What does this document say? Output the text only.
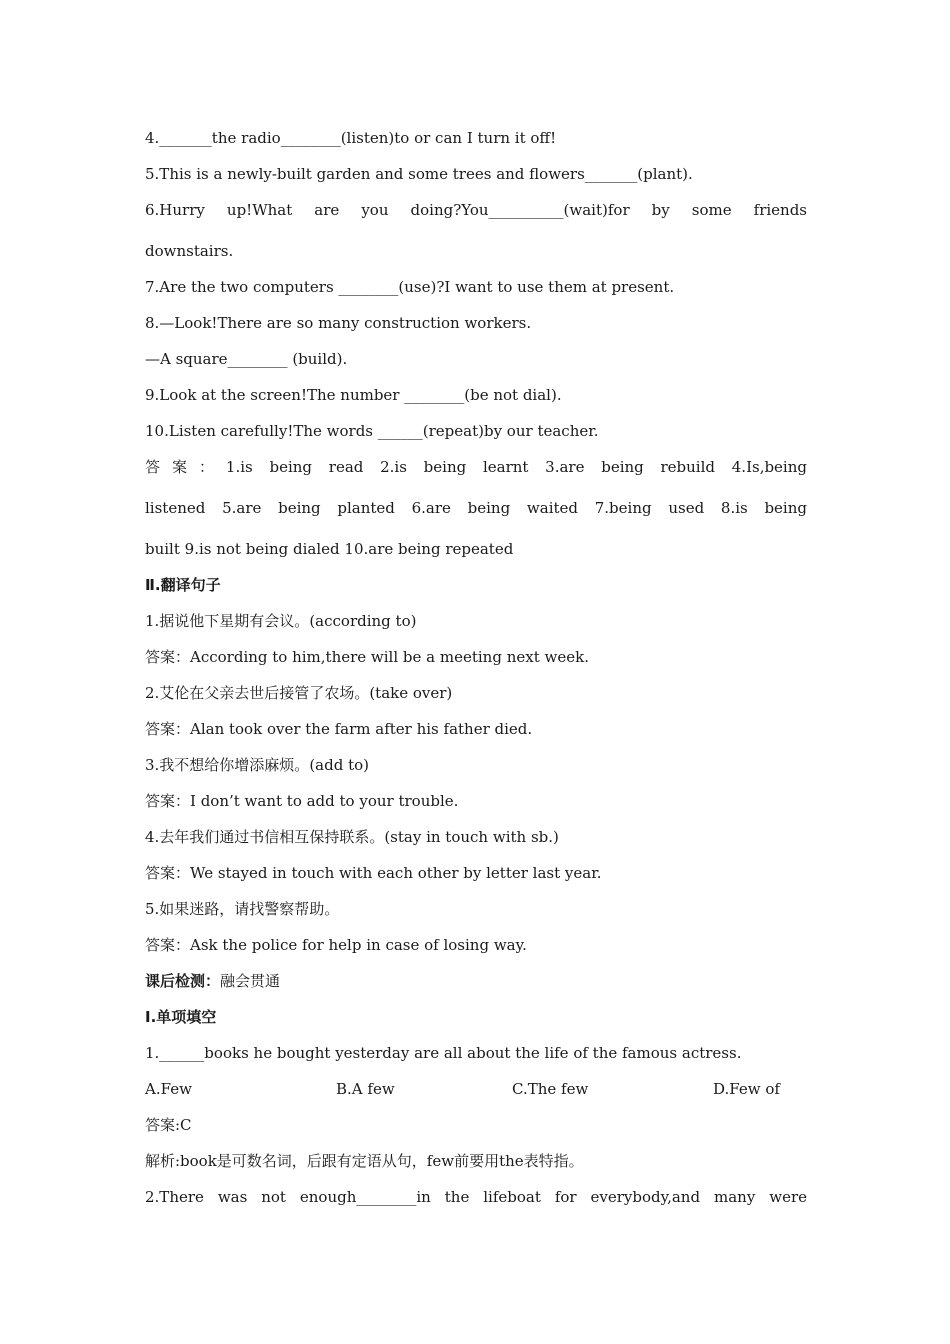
4._______the radio________(listen)to or can I turn it off!
5.This is a newly-built garden and some trees and flowers_______(plant).
6.Hurry up!What are you doing?You__________(wait)for by some friends
downstairs.
7.Are the two computers ________(use)?I want to use them at present.
8.—Look!There are so many construction workers.
—A square________ (build).
9.Look at the screen!The number ________(be not dial).
10.Listen carefully!The words ______(repeat)by our teacher.
答案：1.is being read 2.is being learnt 3.are being rebuild 4.Is,being
listened 5.are being planted 6.are being waited 7.being used 8.is being
built 9.is not being dialed 10.are being repeated
Ⅱ.翻译句子
1.据说他下星期有会议。(according to)
答案：According to him,there will be a meeting next week.
2.艾伦在父亲去世后接管了农场。(take over)
答案：Alan took over the farm after his father died.
3.我不想给你增添麻烦。(add to)
答案：I don’t want to add to your trouble.
4.去年我们通过书信相互保持联系。(stay in touch with sb.)
答案：We stayed in touch with each other by letter last year.
5.如果迷路，请找警察帮助。
答案：Ask the police for help in case of losing way.
课后检测：融会贯通
Ⅰ.单项填空
1.______books he bought yesterday are all about the life of the famous actress.
A.Few	B.A few	C.The few	D.Few of
答案:C
解析:book是可数名词，后跟有定语从句，few前要用the表特指。
2.There was not enough________in the lifeboat for everybody,and many were
